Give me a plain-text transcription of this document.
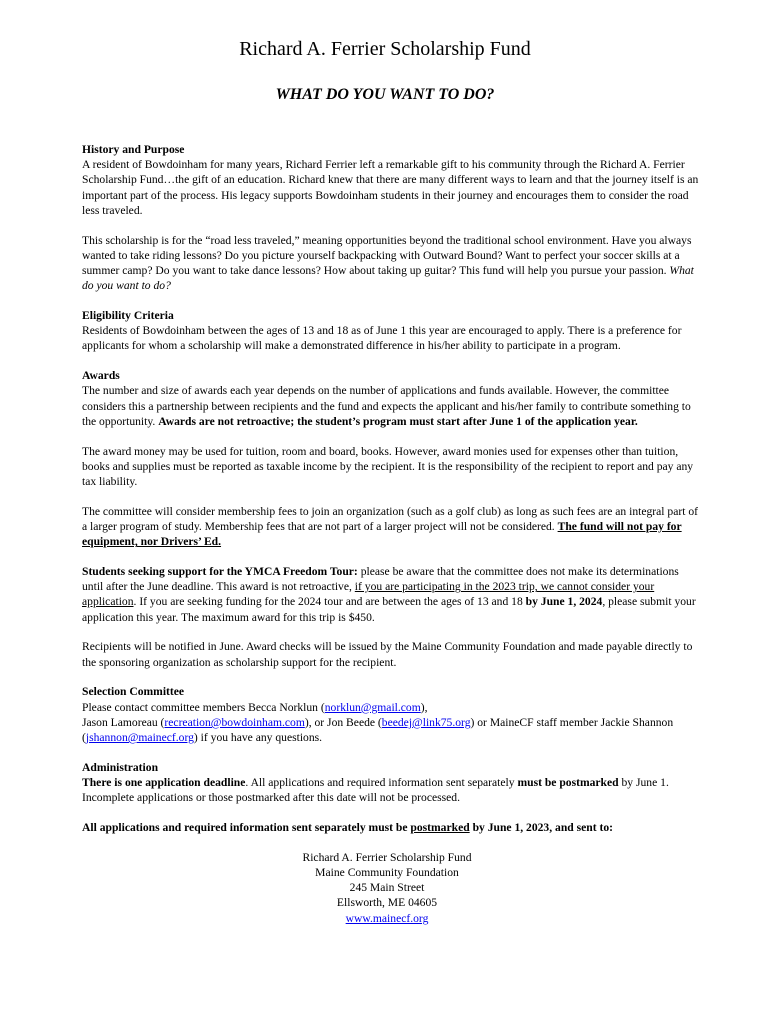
Richard A. Ferrier Scholarship Fund
WHAT DO YOU WANT TO DO?

History and Purpose

A resident of Bowdoinham for many years, Richard Ferrier left a remarkable gift to his community through the Richard A. Ferrier Scholarship Fund…the gift of an education. Richard knew that there are many different ways to learn and that the journey itself is an important part of the process. His legacy supports Bowdoinham students in their journey and encourages them to consider the road less traveled.

This scholarship is for the “road less traveled,” meaning opportunities beyond the traditional school environment. Have you always wanted to take riding lessons? Do you picture yourself backpacking with Outward Bound? Want to perfect your soccer skills at a summer camp? Do you want to take dance lessons? How about taking up guitar? This fund will help you pursue your passion. What do you want to do?

Eligibility Criteria

Residents of Bowdoinham between the ages of 13 and 18 as of June 1 this year are encouraged to apply. There is a preference for applicants for whom a scholarship will make a demonstrated difference in his/her ability to participate in a program.

Awards

The number and size of awards each year depends on the number of applications and funds available. However, the committee considers this a partnership between recipients and the fund and expects the applicant and his/her family to contribute something to the opportunity. Awards are not retroactive; the student’s program must start after June 1 of the application year.

The award money may be used for tuition, room and board, books. However, award monies used for expenses other than tuition, books and supplies must be reported as taxable income by the recipient. It is the responsibility of the recipient to report and pay any tax liability.

The committee will consider membership fees to join an organization (such as a golf club) as long as such fees are an integral part of a larger program of study. Membership fees that are not part of a larger project will not be considered. The fund will not pay for equipment, nor Drivers’ Ed.

Students seeking support for the YMCA Freedom Tour: please be aware that the committee does not make its determinations until after the June deadline. This award is not retroactive, if you are participating in the 2023 trip, we cannot consider your application. If you are seeking funding for the 2024 tour and are between the ages of 13 and 18 by June 1, 2024, please submit your application this year. The maximum award for this trip is $450.

Recipients will be notified in June. Award checks will be issued by the Maine Community Foundation and made payable directly to the sponsoring organization as scholarship support for the recipient.

Selection Committee

Please contact committee members Becca Norklun (norklun@gmail.com),
Jason Lamoreau (recreation@bowdoinham.com), or Jon Beede (beedej@link75.org) or MaineCF staff member Jackie Shannon (jshannon@mainecf.org) if you have any questions.

Administration

There is one application deadline. All applications and required information sent separately must be postmarked by June 1. Incomplete applications or those postmarked after this date will not be processed.

All applications and required information sent separately must be postmarked by June 1, 2023, and sent to:

Richard A. Ferrier Scholarship Fund

Maine Community Foundation

245 Main Street

Ellsworth, ME 04605

www.mainecf.org
